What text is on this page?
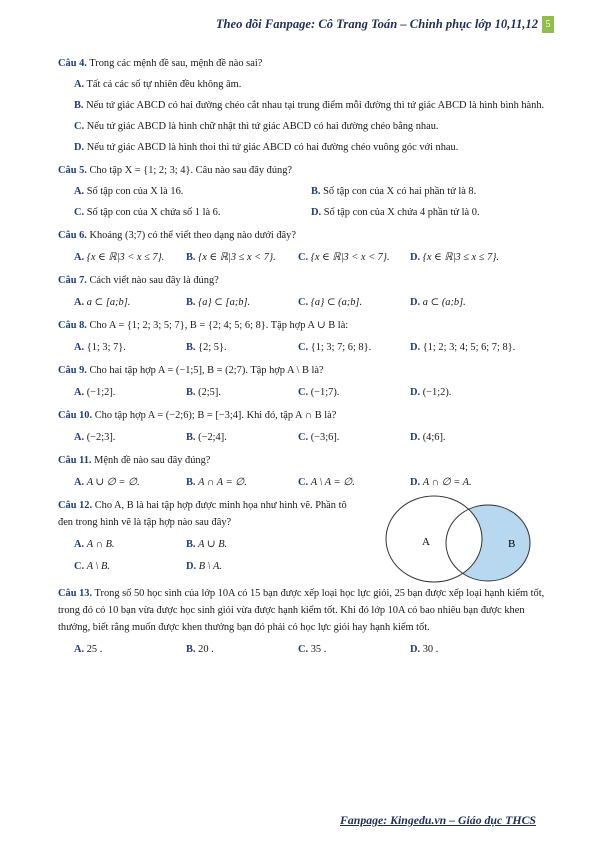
Theo dõi Fanpage: Cô Trang Toán – Chinh phục lớp 10,11,12 5

Câu 4. Trong các mệnh đề sau, mệnh đề nào sai?

A. Tất cả các số tự nhiên đều không âm.

B. Nếu tứ giác ABCD có hai đường chéo cắt nhau tại trung điểm mỗi đường thì tứ giác ABCD là hình bình hành.

C. Nếu tứ giác ABCD là hình chữ nhật thì tứ giác ABCD có hai đường chéo bằng nhau.

D. Nếu tứ giác ABCD là hình thoi thì tứ giác ABCD có hai đường chéo vuông góc với nhau.

Câu 5. Cho tập X = {1; 2; 3; 4}. Câu nào sau đây đúng?

A. Số tập con của X là 16.	B. Số tập con của X có hai phần tử là 8.
C. Số tập con của X chứa số 1 là 6.	D. Số tập con của X chứa 4 phần tử là 0.

Câu 6. Khoảng (3;7) có thể viết theo dạng nào dưới đây?

A. {x ∈ ℝ|3 < x ≤ 7}.	B. {x ∈ ℝ|3 ≤ x < 7}.	C. {x ∈ ℝ|3 < x < 7}.	D. {x ∈ ℝ|3 ≤ x ≤ 7}.

Câu 7. Cách viết nào sau đây là đúng?

A. a ⊂ [a;b].	B. {a} ⊂ [a;b].	C. {a} ⊂ (a;b].	D. a ⊂ (a;b].

Câu 8. Cho A = {1; 2; 3; 5; 7}, B = {2; 4; 5; 6; 8}. Tập hợp A ∪ B là:

A. {1; 3; 7}.	B. {2; 5}.	C. {1; 3; 7; 6; 8}.	D. {1; 2; 3; 4; 5; 6; 7; 8}.

Câu 9. Cho hai tập hợp A = (−1;5], B = (2;7). Tập hợp A \ B là?

A. (−1;2].	B. (2;5].	C. (−1;7).	D. (−1;2).

Câu 10. Cho tập hợp A = (−2;6); B = [−3;4]. Khi đó, tập A ∩ B là?

A. (−2;3].	B. (−2;4].	C. (−3;6].	D. (4;6].

Câu 11. Mệnh đề nào sau đây đúng?

A. A ∪ ∅ = ∅.	B. A ∩ A = ∅.	C. A \ A = ∅.	D. A ∩ ∅ = A.

Câu 12. Cho A, B là hai tập hợp được minh họa như hình vẽ. Phần tô đen trong hình vẽ là tập hợp nào sau đây?

A. A ∩ B.	B. A ∪ B.
C. A \ B.	D. B \ A.
A	B

Câu 13. Trong số 50 học sinh của lớp 10A có 15 bạn được xếp loại học lực giỏi, 25 bạn được xếp loại hạnh kiểm tốt, trong đó có 10 bạn vừa được học sinh giỏi vừa được hạnh kiểm tốt. Khi đó lớp 10A có bao nhiêu bạn được khen thưởng, biết rằng muốn được khen thưởng bạn đó phải có học lực giỏi hay hạnh kiểm tốt.

A. 25 .	B. 20 .	C. 35 .	D. 30 .
Fanpage: Kingedu.vn – Giáo dục THCS
